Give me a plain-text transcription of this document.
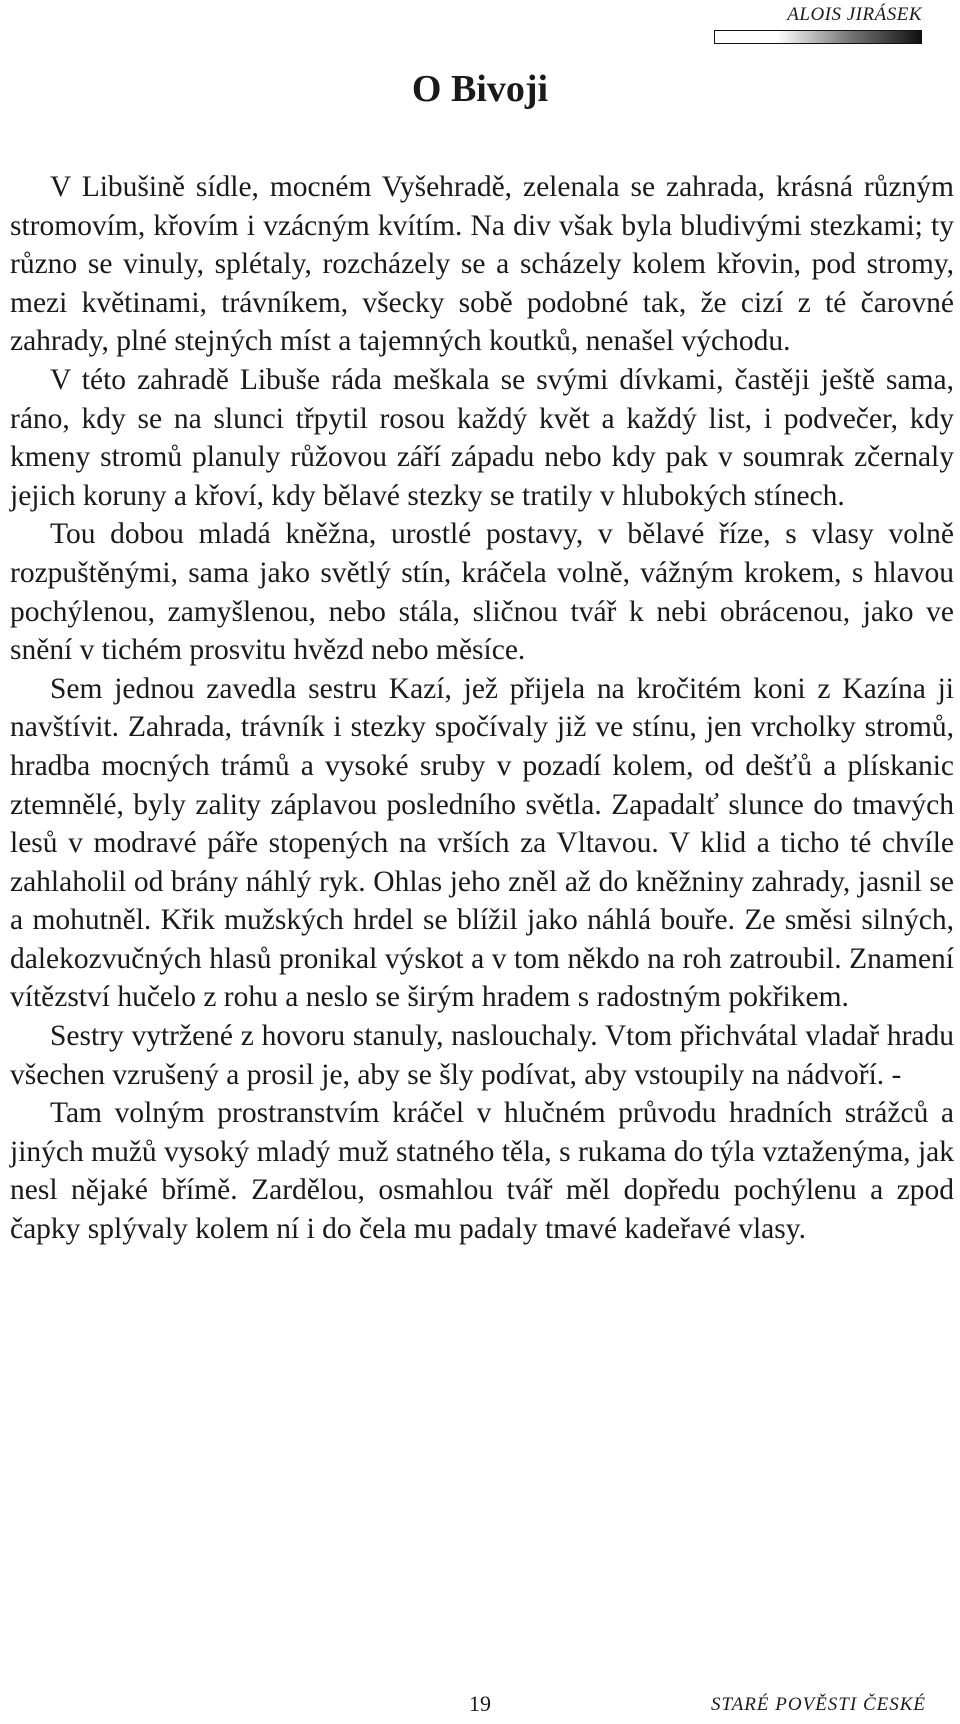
ALOIS JIRÁSEK
O Bivoji

V Libušině sídle, mocném Vyšehradě, zelenala se zahrada, krásná různým stromovím, křovím i vzácným kvítím. Na div však byla bludivými stezkami; ty různo se vinuly, splétaly, rozcházely se a scházely kolem křovin, pod stromy, mezi květinami, trávníkem, všecky sobě podobné tak, že cizí z té čarovné zahrady, plné stejných míst a tajemných koutků, nenašel východu.

V této zahradě Libuše ráda meškala se svými dívkami, častěji ještě sama, ráno, kdy se na slunci třpytil rosou každý květ a každý list, i podvečer, kdy kmeny stromů planuly růžovou září západu nebo kdy pak v soumrak zčernaly jejich koruny a křoví, kdy bělavé stezky se tratily v hlubokých stínech.

Tou dobou mladá kněžna, urostlé postavy, v bělavé říze, s vlasy volně rozpuštěnými, sama jako světlý stín, kráčela volně, vážným krokem, s hlavou pochýlenou, zamyšlenou, nebo stála, sličnou tvář k nebi obrácenou, jako ve snění v tichém prosvitu hvězd nebo měsíce.

Sem jednou zavedla sestru Kazí, jež přijela na kročitém koni z Kazína ji navštívit. Zahrada, trávník i stezky spočívaly již ve stínu, jen vrcholky stromů, hradba mocných trámů a vysoké sruby v pozadí kolem, od dešťů a plískanic ztemnělé, byly zality záplavou posledního světla. Zapadalť slunce do tmavých lesů v modravé páře stopených na vrších za Vltavou. V klid a ticho té chvíle zahlaholil od brány náhlý ryk. Ohlas jeho zněl až do kněžniny zahrady, jasnil se a mohutněl. Křik mužských hrdel se blížil jako náhlá bouře. Ze směsi silných, dalekozvučných hlasů pronikal výskot a v tom někdo na roh zatroubil. Znamení vítězství hučelo z rohu a neslo se širým hradem s radostným pokřikem.

Sestry vytržené z hovoru stanuly, naslouchaly. Vtom přichvátal vladař hradu všechen vzrušený a prosil je, aby se šly podívat, aby vstoupily na nádvoří. -

Tam volným prostranstvím kráčel v hlučném průvodu hradních strážců a jiných mužů vysoký mladý muž statného těla, s rukama do týla vztaženýma, jak nesl nějaké břímě. Zardělou, osmahlou tvář měl dopředu pochýlenu a zpod čapky splývaly kolem ní i do čela mu padaly tmavé kadeřavé vlasy.

19	STARÉ POVĚSTI ČESKÉ
